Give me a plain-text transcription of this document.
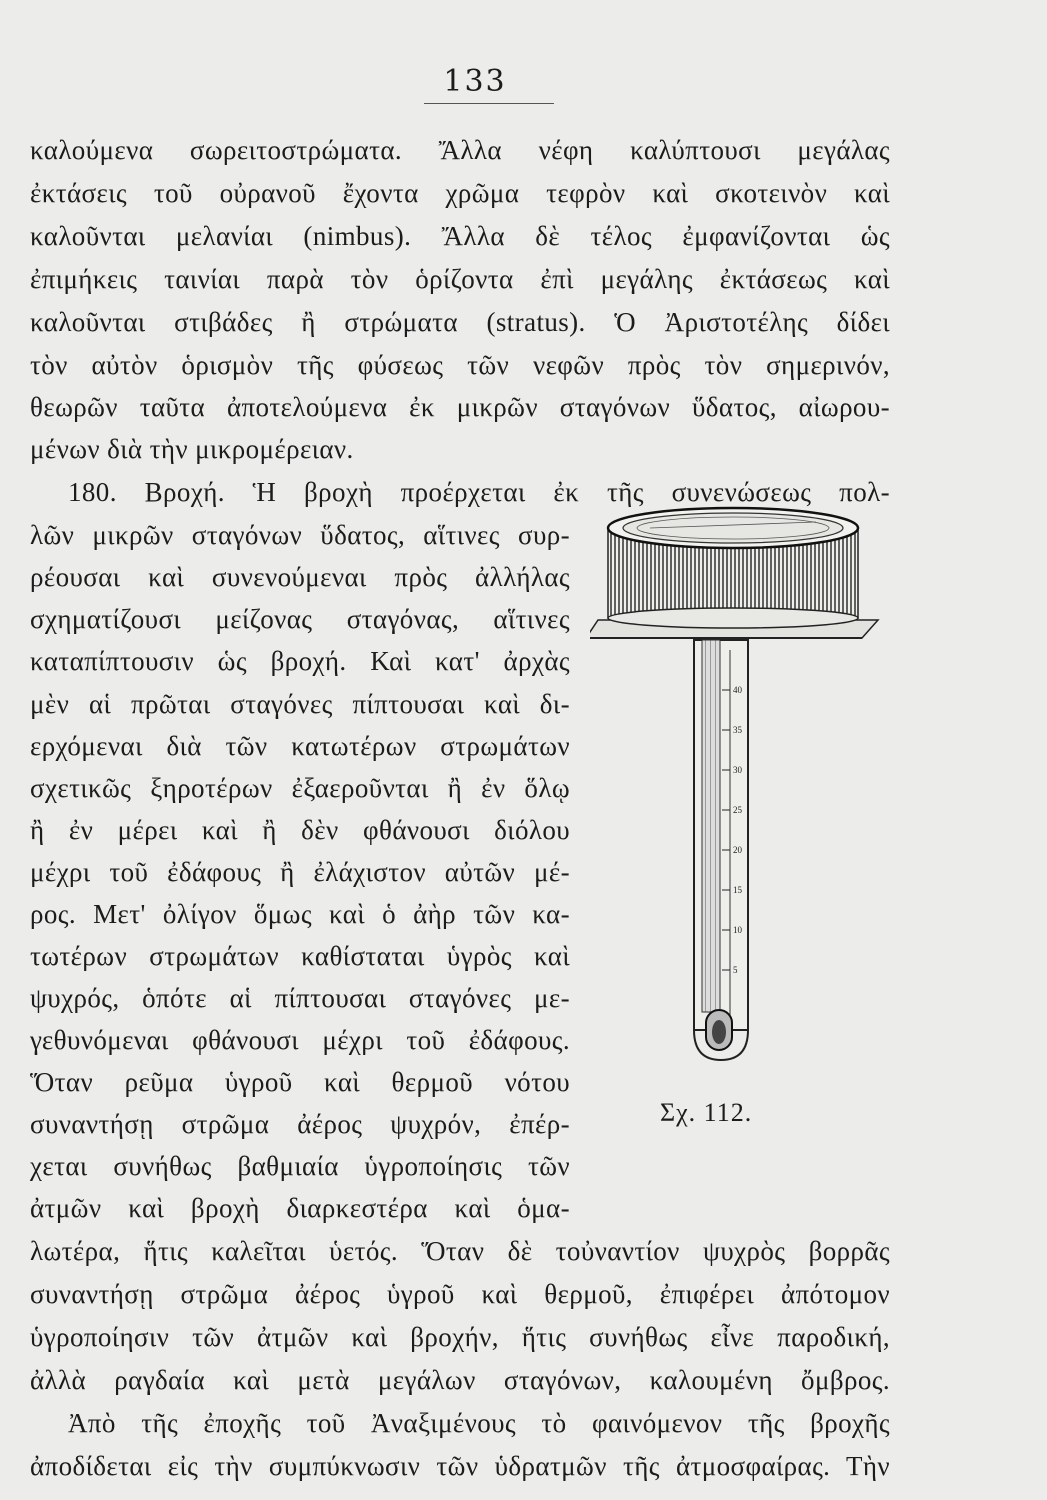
133
καλούμενα σωρειτοστρώματα. Ἄλλα νέφη καλύπτουσι μεγάλας
ἐκτάσεις τοῦ οὐρανοῦ ἔχοντα χρῶμα τεφρὸν καὶ σκοτεινὸν καὶ
καλοῦνται μελανίαι (nimbus). Ἄλλα δὲ τέλος ἐμφανίζονται ὡς
ἐπιμήκεις ταινίαι παρὰ τὸν ὁρίζοντα ἐπὶ μεγάλης ἐκτάσεως καὶ
καλοῦνται στιβάδες ἢ στρώματα (stratus). Ὁ Ἀριστοτέλης δίδει
τὸν αὐτὸν ὁρισμὸν τῆς φύσεως τῶν νεφῶν πρὸς τὸν σημερινόν,
θεωρῶν ταῦτα ἀποτελούμενα ἐκ μικρῶν σταγόνων ὕδατος, αἰωρου-
μένων διὰ τὴν μικρομέρειαν.
180. Βροχή. Ἡ βροχὴ προέρχεται ἐκ τῆς συνενώσεως πολ-
λῶν μικρῶν σταγόνων ὕδατος, αἵτινες συρ-
ρέουσαι καὶ συνενούμεναι πρὸς ἀλλήλας
σχηματίζουσι μείζονας σταγόνας, αἵτινες
καταπίπτουσιν ὡς βροχή. Καὶ κατ' ἀρχὰς
μὲν αἱ πρῶται σταγόνες πίπτουσαι καὶ δι-
ερχόμεναι διὰ τῶν κατωτέρων στρωμάτων
σχετικῶς ξηροτέρων ἐξαεροῦνται ἢ ἐν ὅλῳ
ἢ ἐν μέρει καὶ ἢ δὲν φθάνουσι διόλου
μέχρι τοῦ ἐδάφους ἢ ἐλάχιστον αὐτῶν μέ-
ρος. Μετ' ὀλίγον ὅμως καὶ ὁ ἀὴρ τῶν κα-
τωτέρων στρωμάτων καθίσταται ὑγρὸς καὶ
ψυχρός, ὁπότε αἱ πίπτουσαι σταγόνες με-
γεθυνόμεναι φθάνουσι μέχρι τοῦ ἐδάφους.
Ὅταν ρεῦμα ὑγροῦ καὶ θερμοῦ νότου
συναντήσῃ στρῶμα ἀέρος ψυχρόν, ἐπέρ-
χεται συνήθως βαθμιαία ὑγροποίησις τῶν
ἀτμῶν καὶ βροχὴ διαρκεστέρα καὶ ὁμα-
40
35
30
25
20
15
10
5
Σχ. 112.
λωτέρα, ἥτις καλεῖται ὑετός. Ὅταν δὲ τοὐναντίον ψυχρὸς βορρᾶς
συναντήσῃ στρῶμα ἀέρος ὑγροῦ καὶ θερμοῦ, ἐπιφέρει ἀπότομον
ὑγροποίησιν τῶν ἀτμῶν καὶ βροχήν, ἥτις συνήθως εἶνε παροδική,
ἀλλὰ ραγδαία καὶ μετὰ μεγάλων σταγόνων, καλουμένη ὄμβρος.
Ἀπὸ τῆς ἐποχῆς τοῦ Ἀναξιμένους τὸ φαινόμενον τῆς βροχῆς
ἀποδίδεται εἰς τὴν συμπύκνωσιν τῶν ὑδρατμῶν τῆς ἀτμοσφαίρας. Τὴν
